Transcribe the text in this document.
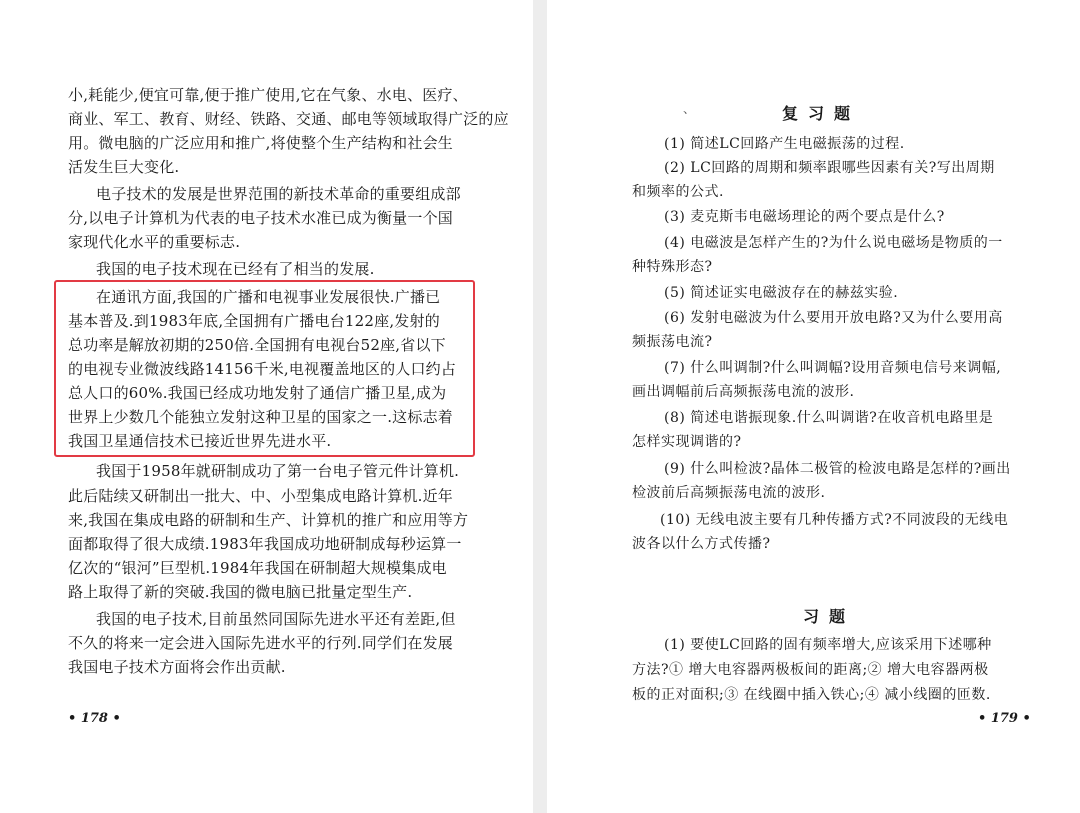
小,耗能少,便宜可靠,便于推广使用,它在气象、水电、医疗、
商业、军工、教育、财经、铁路、交通、邮电等领域取得广泛的应
用。微电脑的广泛应用和推广,将使整个生产结构和社会生
活发生巨大变化.
电子技术的发展是世界范围的新技术革命的重要组成部
分,以电子计算机为代表的电子技术水准已成为衡量一个国
家现代化水平的重要标志.
我国的电子技术现在已经有了相当的发展.
在通讯方面,我国的广播和电视事业发展很快.广播已
基本普及.到1983年底,全国拥有广播电台122座,发射的
总功率是解放初期的250倍.全国拥有电视台52座,省以下
的电视专业微波线路14156千米,电视覆盖地区的人口约占
总人口的60%.我国已经成功地发射了通信广播卫星,成为
世界上少数几个能独立发射这种卫星的国家之一.这标志着
我国卫星通信技术已接近世界先进水平.
我国于1958年就研制成功了第一台电子管元件计算机.
此后陆续又研制出一批大、中、小型集成电路计算机.近年
来,我国在集成电路的研制和生产、计算机的推广和应用等方
面都取得了很大成绩.1983年我国成功地研制成每秒运算一
亿次的“银河”巨型机.1984年我国在研制超大规模集成电
路上取得了新的突破.我国的微电脑已批量定型生产.
我国的电子技术,目前虽然同国际先进水平还有差距,但
不久的将来一定会进入国际先进水平的行列.同学们在发展
我国电子技术方面将会作出贡献.
• 178 •
、	复习题
(1) 简述LC回路产生电磁振荡的过程.
(2) LC回路的周期和频率跟哪些因素有关?写出周期
和频率的公式.
(3) 麦克斯韦电磁场理论的两个要点是什么?
(4) 电磁波是怎样产生的?为什么说电磁场是物质的一
种特殊形态?
(5) 简述证实电磁波存在的赫兹实验.
(6) 发射电磁波为什么要用开放电路?又为什么要用高
频振荡电流?
(7) 什么叫调制?什么叫调幅?设用音频电信号来调幅,
画出调幅前后高频振荡电流的波形.
(8) 简述电谐振现象.什么叫调谐?在收音机电路里是
怎样实现调谐的?
(9) 什么叫检波?晶体二极管的检波电路是怎样的?画出
检波前后高频振荡电流的波形.
(10) 无线电波主要有几种传播方式?不同波段的无线电
波各以什么方式传播?
习题
(1) 要使LC回路的固有频率增大,应该采用下述哪种
方法?① 增大电容器两极板间的距离;② 增大电容器两极
板的正对面积;③ 在线圈中插入铁心;④ 减小线圈的匝数.
• 179 •
